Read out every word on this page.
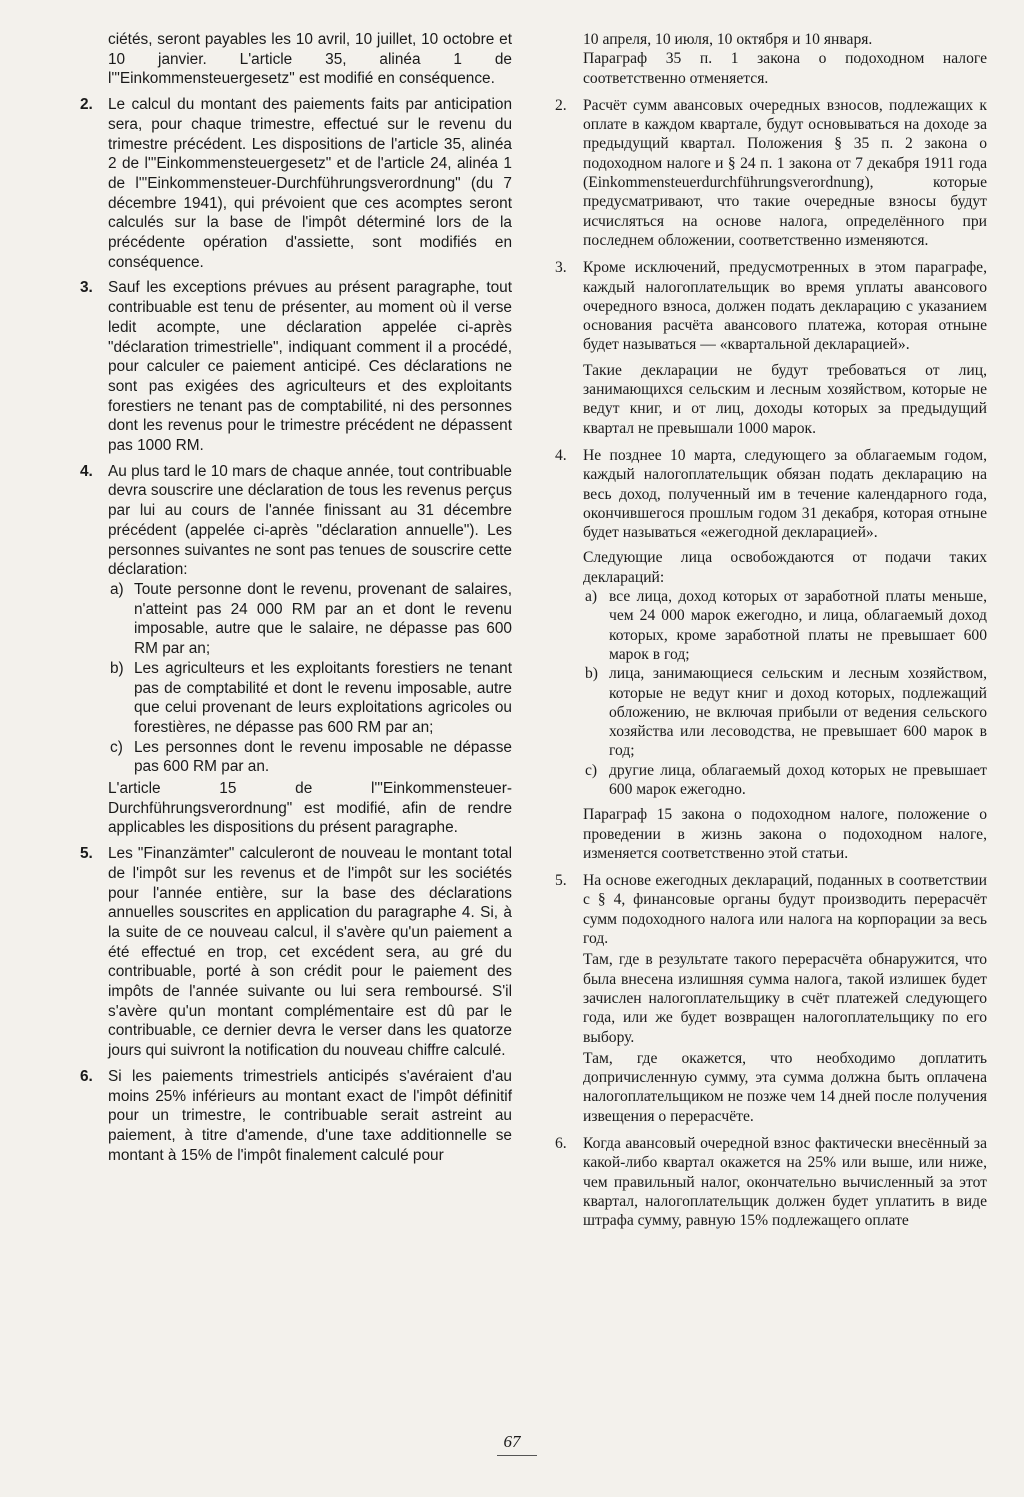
ciétés, seront payables les 10 avril, 10 juillet, 10 octobre et 10 janvier. L'article 35, alinéa 1 de l'"Einkommensteuergesetz" est modifié en conséquence.

2. Le calcul du montant des paiements faits par anticipation sera, pour chaque trimestre, effectué sur le revenu du trimestre précédent. Les dispositions de l'article 35, alinéa 2 de l'"Einkommensteuergesetz" et de l'article 24, alinéa 1 de l'"Einkommensteuer-Durchführungsverordnung" (du 7 décembre 1941), qui prévoient que ces acomptes seront calculés sur la base de l'impôt déterminé lors de la précédente opération d'assiette, sont modifiés en conséquence.

3. Sauf les exceptions prévues au présent paragraphe, tout contribuable est tenu de présenter, au moment où il verse ledit acompte, une déclaration appelée ci-après "déclaration trimestrielle", indiquant comment il a procédé, pour calculer ce paiement anticipé. Ces déclarations ne sont pas exigées des agriculteurs et des exploitants forestiers ne tenant pas de comptabilité, ni des personnes dont les revenus pour le trimestre précédent ne dépassent pas 1000 RM.

4. Au plus tard le 10 mars de chaque année, tout contribuable devra souscrire une déclaration de tous les revenus perçus par lui au cours de l'année finissant au 31 décembre précédent (appelée ci-après "déclaration annuelle"). Les personnes suivantes ne sont pas tenues de souscrire cette déclaration:

a) Toute personne dont le revenu, provenant de salaires, n'atteint pas 24 000 RM par an et dont le revenu imposable, autre que le salaire, ne dépasse pas 600 RM par an;

b) Les agriculteurs et les exploitants forestiers ne tenant pas de comptabilité et dont le revenu imposable, autre que celui provenant de leurs exploitations agricoles ou forestières, ne dépasse pas 600 RM par an;

c) Les personnes dont le revenu imposable ne dépasse pas 600 RM par an.

L'article 15 de l'"Einkommensteuer-Durchführungsverordnung" est modifié, afin de rendre applicables les dispositions du présent paragraphe.

5. Les "Finanzämter" calculeront de nouveau le montant total de l'impôt sur les revenus et de l'impôt sur les sociétés pour l'année entière, sur la base des déclarations annuelles souscrites en application du paragraphe 4. Si, à la suite de ce nouveau calcul, il s'avère qu'un paiement a été effectué en trop, cet excédent sera, au gré du contribuable, porté à son crédit pour le paiement des impôts de l'année suivante ou lui sera remboursé. S'il s'avère qu'un montant complémentaire est dû par le contribuable, ce dernier devra le verser dans les quatorze jours qui suivront la notification du nouveau chiffre calculé.

6. Si les paiements trimestriels anticipés s'avéraient d'au moins 25% inférieurs au montant exact de l'impôt définitif pour un trimestre, le contribuable serait astreint au paiement, à titre d'amende, d'une taxe additionnelle se montant à 15% de l'impôt finalement calculé pour

10 апреля, 10 июля, 10 октября и 10 января.

Параграф 35 п. 1 закона о подоходном налоге соответственно отменяется.

2. Расчёт сумм авансовых очередных взносов, подлежащих к оплате в каждом квартале, будут основываться на доходе за предыдущий квартал. Положения § 35 п. 2 закона о подоходном налоге и § 24 п. 1 закона от 7 декабря 1911 года (Einkommensteuerdurchführungsverordnung), которые предусматривают, что такие очередные взносы будут исчисляться на основе налога, определённого при последнем обложении, соответственно изменяются.

3. Кроме исключений, предусмотренных в этом параграфе, каждый налогоплательщик во время уплаты авансового очередного взноса, должен подать декларацию с указанием основания расчёта авансового платежа, которая отныне будет называться — «квартальной декларацией».

Такие декларации не будут требоваться от лиц, занимающихся сельским и лесным хозяйством, которые не ведут книг, и от лиц, доходы которых за предыдущий квартал не превышали 1000 марок.

4. Не позднее 10 марта, следующего за облагаемым годом, каждый налогоплательщик обязан подать декларацию на весь доход, полученный им в течение календарного года, окончившегося прошлым годом 31 декабря, которая отныне будет называться «ежегодной декларацией».

Следующие лица освобождаются от подачи таких деклараций:

a) все лица, доход которых от заработной платы меньше, чем 24 000 марок ежегодно, и лица, облагаемый доход которых, кроме заработной платы не превышает 600 марок в год;

b) лица, занимающиеся сельским и лесным хозяйством, которые не ведут книг и доход которых, подлежащий обложению, не включая прибыли от ведения сельского хозяйства или лесоводства, не превышает 600 марок в год;

c) другие лица, облагаемый доход которых не превышает 600 марок ежегодно.

Параграф 15 закона о подоходном налоге, положение о проведении в жизнь закона о подоходном налоге, изменяется соответственно этой статьи.

5. На основе ежегодных деклараций, поданных в соответствии с § 4, финансовые органы будут производить перерасчёт сумм подоходного налога или налога на корпорации за весь год.

Там, где в результате такого перерасчёта обнаружится, что была внесена излишняя сумма налога, такой излишек будет зачислен налогоплательщику в счёт платежей следующего года, или же будет возвращен налогоплательщику по его выбору.

Там, где окажется, что необходимо доплатить допричисленную сумму, эта сумма должна быть оплачена налогоплательщиком не позже чем 14 дней после получения извещения о перерасчёте.

6. Когда авансовый очередной взнос фактически внесённый за какой-либо квартал окажется на 25% или выше, или ниже, чем правильный налог, окончательно вычисленный за этот квартал, налогоплательщик должен будет уплатить в виде штрафа сумму, равную 15% подлежащего оплате

67
